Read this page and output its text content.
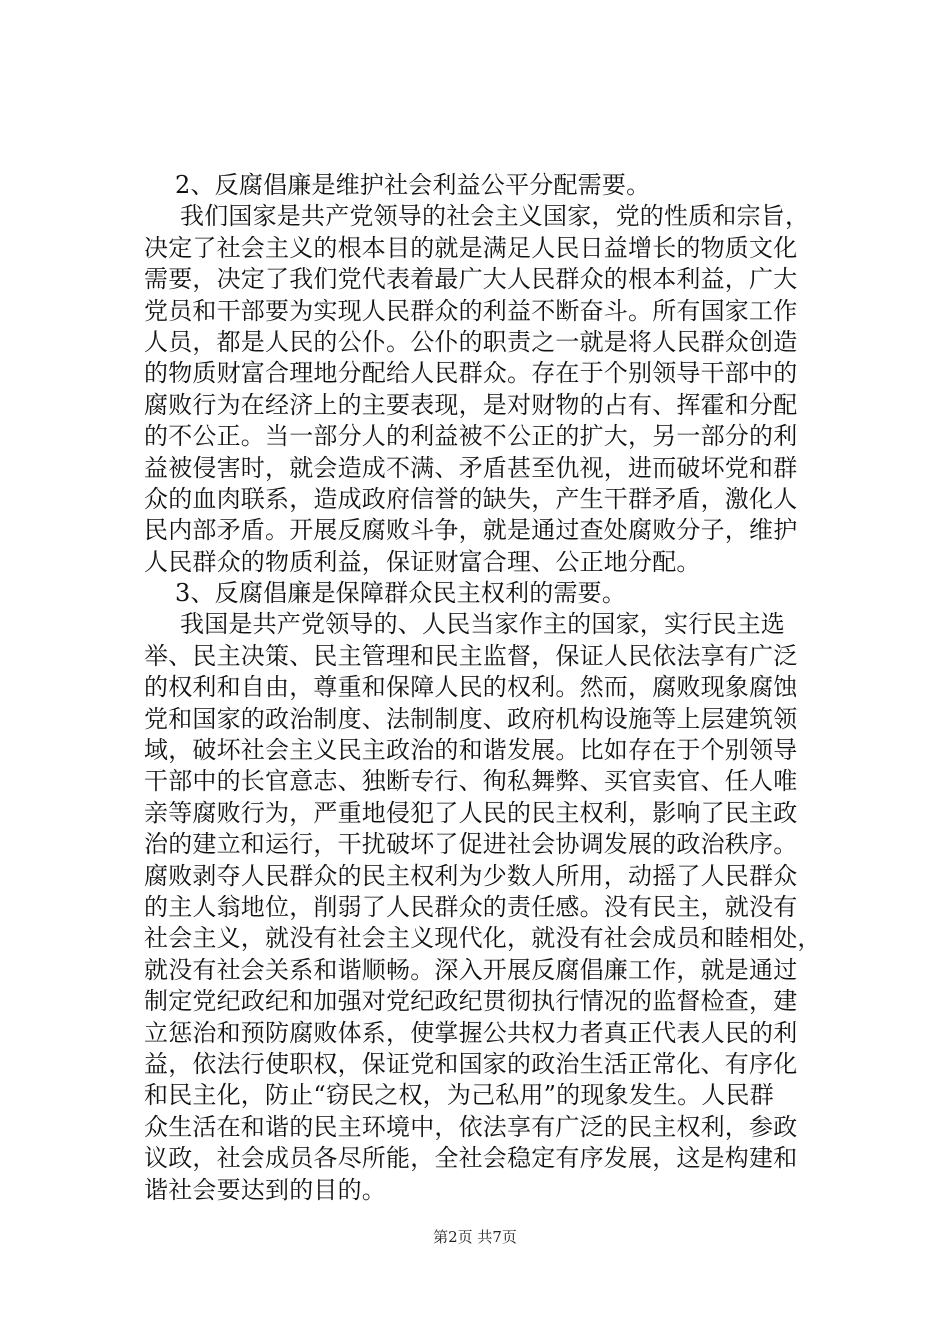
2、反腐倡廉是维护社会利益公平分配需要。
我们国家是共产党领导的社会主义国家，党的性质和宗旨，
决定了社会主义的根本目的就是满足人民日益增长的物质文化
需要，决定了我们党代表着最广大人民群众的根本利益，广大
党员和干部要为实现人民群众的利益不断奋斗。所有国家工作
人员，都是人民的公仆。公仆的职责之一就是将人民群众创造
的物质财富合理地分配给人民群众。存在于个别领导干部中的
腐败行为在经济上的主要表现，是对财物的占有、挥霍和分配
的不公正。当一部分人的利益被不公正的扩大，另一部分的利
益被侵害时，就会造成不满、矛盾甚至仇视，进而破坏党和群
众的血肉联系，造成政府信誉的缺失，产生干群矛盾，激化人
民内部矛盾。开展反腐败斗争，就是通过查处腐败分子，维护
人民群众的物质利益，保证财富合理、公正地分配。
3、反腐倡廉是保障群众民主权利的需要。
我国是共产党领导的、人民当家作主的国家，实行民主选
举、民主决策、民主管理和民主监督，保证人民依法享有广泛
的权利和自由，尊重和保障人民的权利。然而，腐败现象腐蚀
党和国家的政治制度、法制制度、政府机构设施等上层建筑领
域，破坏社会主义民主政治的和谐发展。比如存在于个别领导
干部中的长官意志、独断专行、徇私舞弊、买官卖官、任人唯
亲等腐败行为，严重地侵犯了人民的民主权利，影响了民主政
治的建立和运行，干扰破坏了促进社会协调发展的政治秩序。
腐败剥夺人民群众的民主权利为少数人所用，动摇了人民群众
的主人翁地位，削弱了人民群众的责任感。没有民主，就没有
社会主义，就没有社会主义现代化，就没有社会成员和睦相处，
就没有社会关系和谐顺畅。深入开展反腐倡廉工作，就是通过
制定党纪政纪和加强对党纪政纪贯彻执行情况的监督检查，建
立惩治和预防腐败体系，使掌握公共权力者真正代表人民的利
益，依法行使职权，保证党和国家的政治生活正常化、有序化
和民主化，防止“窃民之权，为己私用”的现象发生。人民群
众生活在和谐的民主环境中，依法享有广泛的民主权利，参政
议政，社会成员各尽所能，全社会稳定有序发展，这是构建和
谐社会要达到的目的。
第2页 共7页
